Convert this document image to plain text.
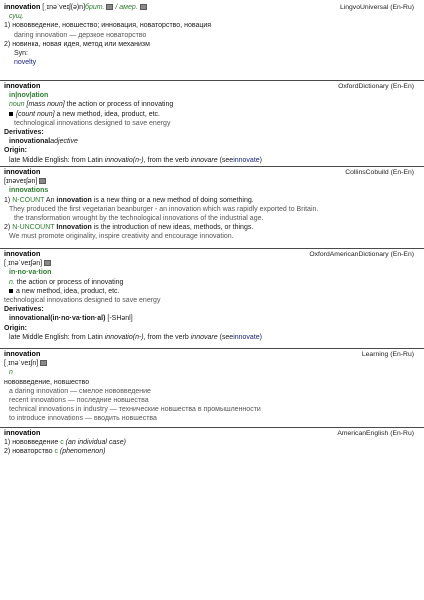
innovation [ˌɪnəˈveɪʃ(ə)n]брит. / амер.	LingvoUniversal (En-Ru)
сущ.
1) нововведение, новшество; инновация, новаторство, новация
daring innovation — дерзкое новаторство
2) новинка, новая идея, метод или механизм
Syn:
novelty
innovation	OxfordDictionary (En-En)
in|nov|ation
noun [mass noun] the action or process of innovating
[count noun] a new method, idea, product, etc.
technological innovations designed to save energy
Derivatives:
innovationaladjective
Origin:
late Middle English: from Latin innovatio(n-), from the verb innovare (seeinnovate)
innovation	CollinsCobuild (En-En)
[ɪnəveɪʃən]
innovations
1) N-COUNT An innovation is a new thing or a new method of doing something.
They produced the first vegetarian beanburger - an innovation which was rapidly exported to Britain.
the transformation wrought by the technological innovations of the industrial age.
2) N-UNCOUNT Innovation is the introduction of new ideas, methods, or things.
We must promote originality, inspire creativity and encourage innovation.
innovation	OxfordAmericanDictionary (En-En)
[ˌɪnəˈveɪʃən]
in·no·va·tion
n. the action or process of innovating
a new method, idea, product, etc.
technological innovations designed to save energy
Derivatives:
innovational(in·no·va·tion·al) [-SHənl]
Origin:
late Middle English: from Latin innovatio(n-), from the verb innovare (seeinnovate)
innovation	Learning (En-Ru)
[ˌɪnəˈveɪʃn]
n
нововведение, новшество
a daring innovation — смелое нововведение
recent innovations — последние новшества
technical innovations in industry — технические новшества в промышленности
to introduce innovations — вводить новшества
innovation	AmericanEnglish (En-Ru)
1) нововведение c (an individual case)
2) новаторство c (phenomenon)
